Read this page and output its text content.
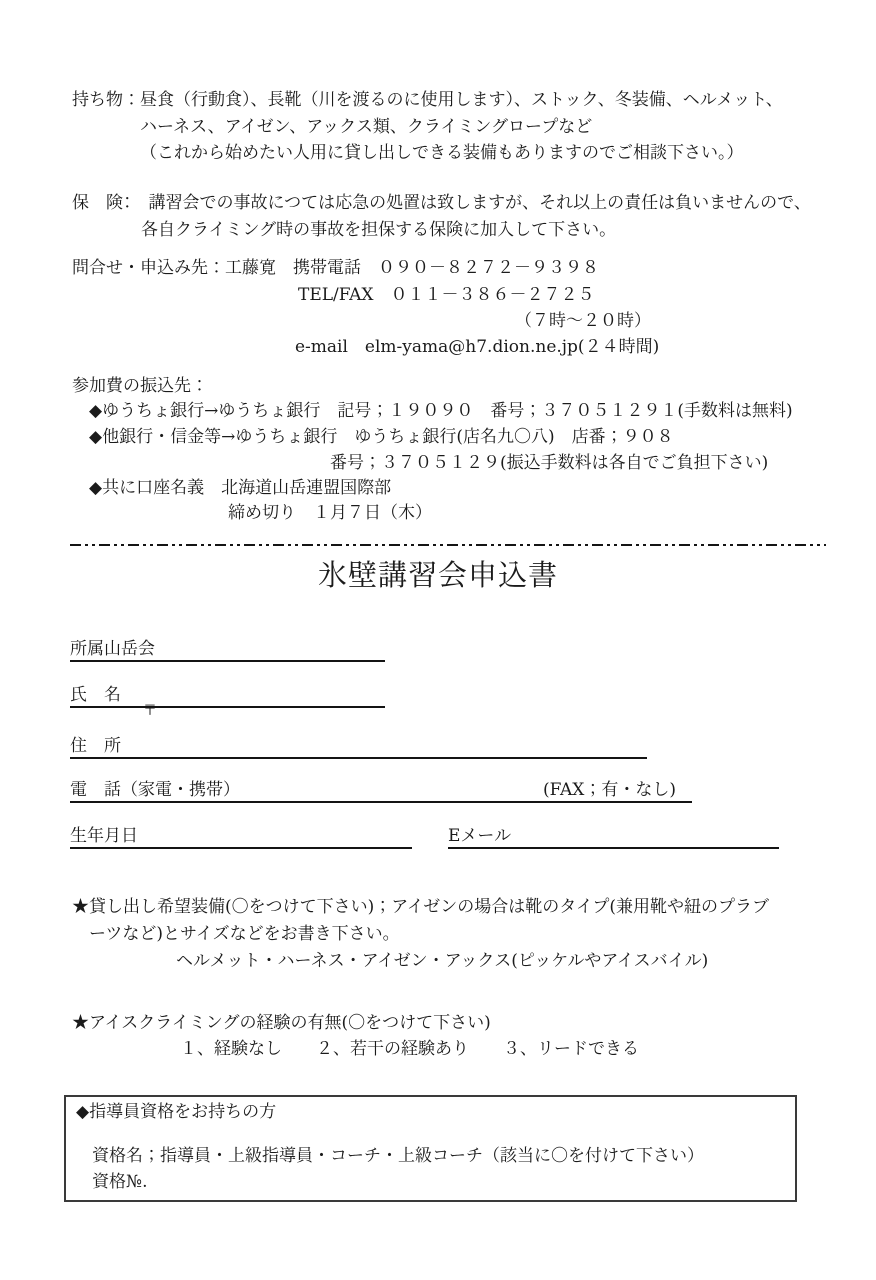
持ち物：昼食（行動食）、長靴（川を渡るのに使用します）、ストック、冬装備、ヘルメット、
ハーネス、アイゼン、アックス類、クライミングロープなど
（これから始めたい人用に貸し出しできる装備もありますのでご相談下さい。）
保　険：　講習会での事故につては応急の処置は致しますが、それ以上の責任は負いませんので、
各自クライミング時の事故を担保する保険に加入して下さい。
問合せ・申込み先：工藤寛　携帯電話　０９０－８２７２－９３９８
TEL/FAX　０１１－３８６－２７２５
（７時～２０時）
e-mail　elm-yama@h7.dion.ne.jp(２４時間)
参加費の振込先：
◆ゆうちょ銀行→ゆうちょ銀行　記号；１９０９０　番号；３７０５１２９１(手数料は無料)
◆他銀行・信金等→ゆうちょ銀行　ゆうちょ銀行(店名九〇八)　店番；９０８
番号；３７０５１２９(振込手数料は各自でご負担下さい)
◆共に口座名義　北海道山岳連盟国際部
締め切り　１月７日（木）
氷壁講習会申込書
所属山岳会
氏　名
〒
住　所
電　話（家電・携帯）	(FAX；有・なし)
生年月日	Eメール
★貸し出し希望装備(〇をつけて下さい)；アイゼンの場合は靴のタイプ(兼用靴や紐のプラブ
ーツなど)とサイズなどをお書き下さい。
ヘルメット・ハーネス・アイゼン・アックス(ピッケルやアイスバイル)
★アイスクライミングの経験の有無(〇をつけて下さい)
１、経験なし　　２、若干の経験あり　　３、リードできる
◆指導員資格をお持ちの方
資格名；指導員・上級指導員・コーチ・上級コーチ（該当に〇を付けて下さい）
資格№.
